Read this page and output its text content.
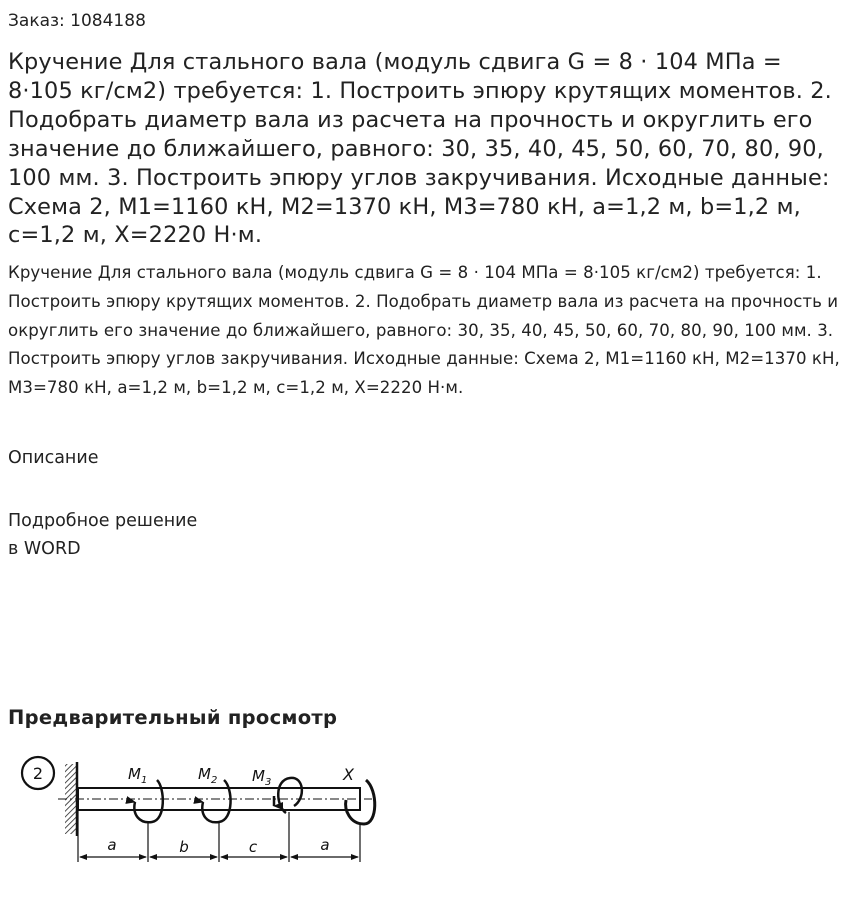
Заказ: 1084188
Кручение Для стального вала (модуль сдвига G = 8 · 104 МПа = 8·105 кг/см2) требуется: 1. Построить эпюру крутящих моментов. 2. Подобрать диаметр вала из расчета на прочность и округлить его значение до ближайшего, равного: 30, 35, 40, 45, 50, 60, 70, 80, 90, 100 мм. 3. Построить эпюру углов закручивания. Исходные данные: Схема 2, М1=1160 кН, М2=1370 кН, М3=780 кН, a=1,2 м, b=1,2 м, c=1,2 м, X=2220 Н·м.

Кручение Для стального вала (модуль сдвига G = 8 · 104 МПа = 8·105 кг/см2) требуется: 1. Построить эпюру крутящих моментов. 2. Подобрать диаметр вала из расчета на прочность и округлить его значение до ближайшего, равного: 30, 35, 40, 45, 50, 60, 70, 80, 90, 100 мм. 3. Построить эпюру углов закручивания. Исходные данные: Схема 2, М1=1160 кН, М2=1370 кН, М3=780 кН, a=1,2 м, b=1,2 м, c=1,2 м, X=2220 Н·м.

Описание
Подробное решение
в WORD
Предварительный просмотр
2	$M_1$	$M_2$ $M_3$	X
a	b	c	a
